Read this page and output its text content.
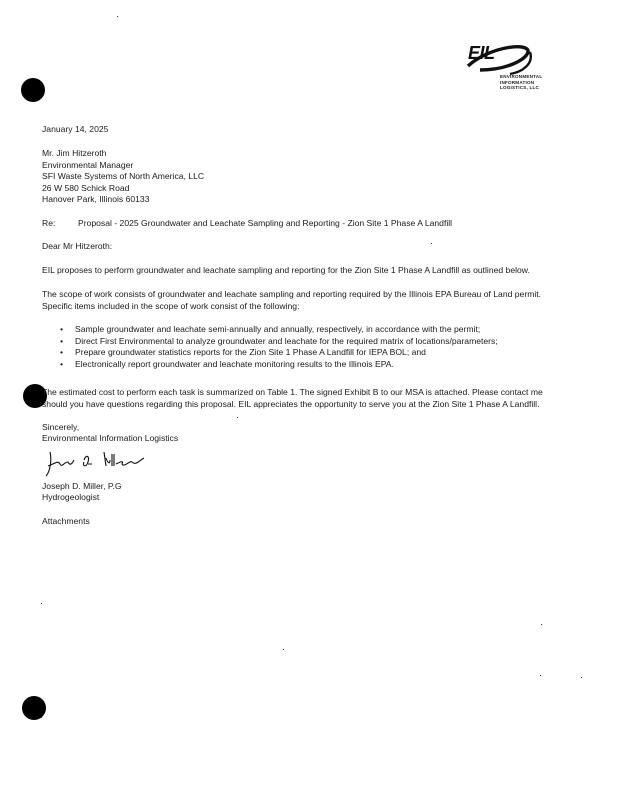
EIL
ENVIRONMENTAL
INFORMATION
LOGISTICS, LLC
January 14, 2025
Mr. Jim Hitzeroth
Environmental Manager
SFI Waste Systems of North America, LLC
26 W 580 Schick Road
Hanover Park, Illinois 60133
Re:	Proposal - 2025 Groundwater and Leachate Sampling and Reporting - Zion Site 1 Phase A Landfill
Dear Mr Hitzeroth:
EIL proposes to perform groundwater and leachate sampling and reporting for the Zion Site 1 Phase A Landfill as outlined below.
The scope of work consists of groundwater and leachate sampling and reporting required by the Illinois EPA Bureau of Land permit.
Specific items included in the scope of work consist of the following:
• Sample groundwater and leachate semi-annually and annually, respectively, in accordance with the permit;
• Direct First Environmental to analyze groundwater and leachate for the required matrix of locations/parameters;
• Prepare groundwater statistics reports for the Zion Site 1 Phase A Landfill for IEPA BOL; and
• Electronically report groundwater and leachate monitoring results to the Illinois EPA.
The estimated cost to perform each task is summarized on Table 1. The signed Exhibit B to our MSA is attached. Please contact me
should you have questions regarding this proposal. EIL appreciates the opportunity to serve you at the Zion Site 1 Phase A Landfill.
Sincerely,
Environmental Information Logistics
Joseph D. Miller, P.G
Hydrogeologist
Attachments
